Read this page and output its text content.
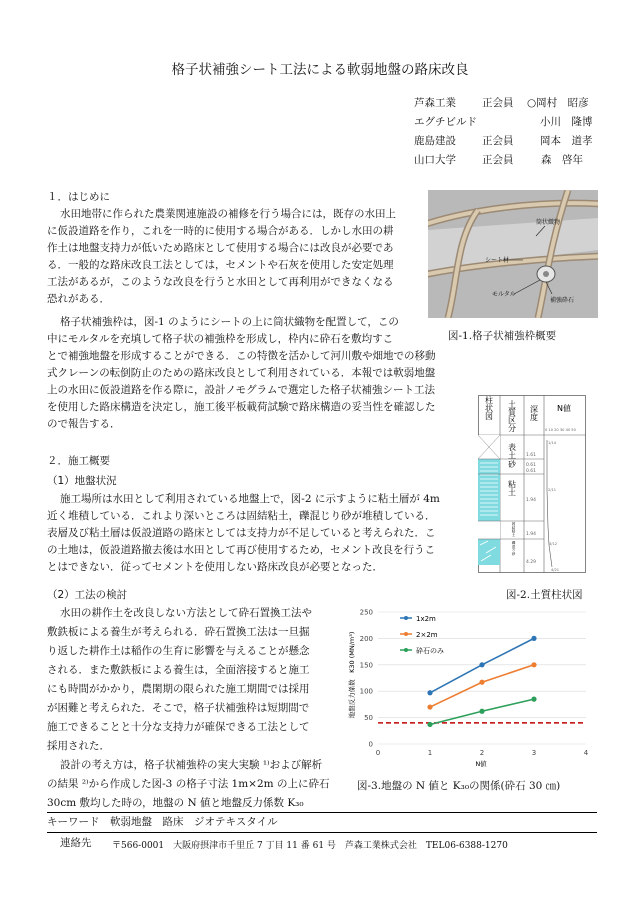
格子状補強シート工法による軟弱地盤の路床改良
芦森工業 正会員 ○岡村　昭彦
エグチビルド	小川　隆博
鹿島建設 正会員	岡本　道孝
山口大学 正会員	森　啓年
１．はじめに
水田地帯に作られた農業関連施設の補修を行う場合には，既存の水田上
に仮設道路を作り，これを一時的に使用する場合がある．しかし水田の耕
作土は地盤支持力が低いため路床として使用する場合には改良が必要であ
る．一般的な路床改良工法としては，セメントや石灰を使用した安定処理
工法があるが，このような改良を行うと水田として再利用ができなくなる
恐れがある．
格子状補強枠は，図-1 のようにシートの上に筒状織物を配置して，この
中にモルタルを充填して格子状の補強枠を形成し，枠内に砕石を敷均すこ
とで補強地盤を形成することができる．この特徴を活かして河川敷や畑地での移動
式クレーンの転倒防止のための路床改良として利用されている．本報では軟弱地盤
上の水田に仮設道路を作る際に，設計ノモグラムで選定した格子状補強シート工法
を使用した路床構造を決定し，施工後平板載荷試験で路床構造の妥当性を確認した
ので報告する．
筒状織物
シート材
モルタル
補強砕石
図-1.格子状補強枠概要
柱状図 土質区分 深度 N値
0 10 20 30 40 50
表土
砂
粘土
固結粘土
礫混り砂
1.61
0.61
0.61
1.94
1.94
4.29
1/14
2/11
3/12
4/21
図-2.土質柱状図
２．施工概要
（1）地盤状況
施工場所は水田として利用されている地盤上で，図-2 に示すように粘土層が 4m
近く堆積している．これより深いところは固結粘土，礫混じり砂が堆積している．
表層及び粘土層は仮設道路の路床としては支持力が不足していると考えられた．こ
の土地は，仮設道路撤去後は水田として再び使用するため，セメント改良を行うこ
とはできない．従ってセメントを使用しない路床改良が必要となった．
（2）工法の検討
水田の耕作土を改良しない方法として砕石置換工法や
敷鉄板による養生が考えられる．砕石置換工法は一旦掘
り返した耕作土は稲作の生育に影響を与えることが懸念
される．また敷鉄板による養生は，全面溶接すると施工
にも時間がかかり，農閑期の限られた施工期間では採用
が困難と考えられた．そこで，格子状補強枠は短期間で
施工できることと十分な支持力が確保できる工法として
採用された．
設計の考え方は，格子状補強枠の実大実験 ¹⁾および解析
の結果 ²⁾から作成した図-3 の格子寸法 1m×2m の上に砕石
30cm 敷均した時の，地盤の N 値と地盤反力係数 K₃₀
0
50
100
150
200
250
0	1	2	3	4
地盤反力係数　K30 (MN/m³)
N値
1x2m
2×2m
砕石のみ
図-3.地盤の N 値と K₃₀の関係(砕石 30 ㎝)
キーワード　軟弱地盤　路床　ジオテキスタイル
連絡先 〒566-0001　大阪府摂津市千里丘 7 丁目 11 番 61 号　芦森工業株式会社　TEL06-6388-1270
